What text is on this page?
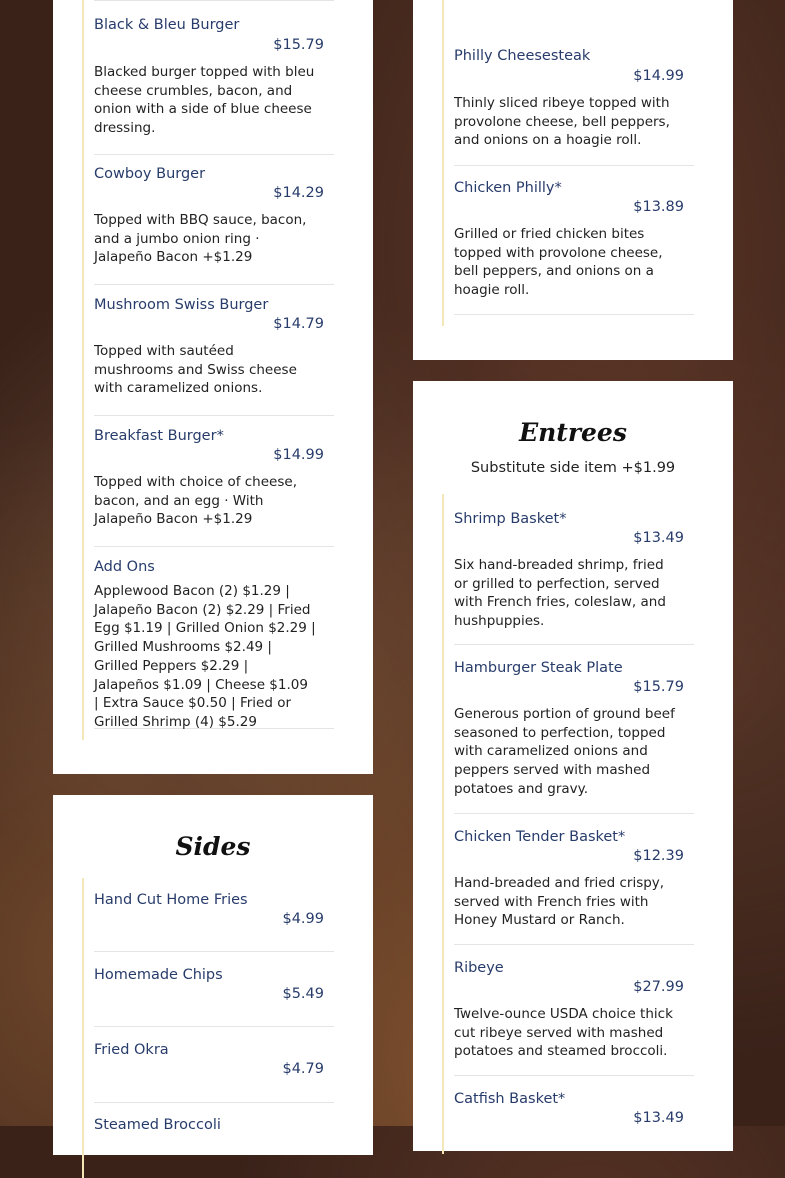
Black & Bleu Burger
$15.79
Blacked burger topped with bleu cheese crumbles, bacon, and onion with a side of blue cheese dressing.
Cowboy Burger
$14.29
Topped with BBQ sauce, bacon, and a jumbo onion ring · Jalapeño Bacon +$1.29
Mushroom Swiss Burger
$14.79
Topped with sautéed mushrooms and Swiss cheese with caramelized onions.
Breakfast Burger*
$14.99
Topped with choice of cheese, bacon, and an egg · With Jalapeño Bacon +$1.29
Add Ons
Applewood Bacon (2) $1.29 | Jalapeño Bacon (2) $2.29 | Fried Egg $1.19 | Grilled Onion $2.29 | Grilled Mushrooms $2.49 | Grilled Peppers $2.29 | Jalapeños $1.09 | Cheese $1.09 | Extra Sauce $0.50 | Fried or Grilled Shrimp (4) $5.29
Sides
Hand Cut Home Fries
$4.99
Homemade Chips
$5.49
Fried Okra
$4.79
Steamed Broccoli
Philly Cheesesteak
$14.99
Thinly sliced ribeye topped with provolone cheese, bell peppers, and onions on a hoagie roll.
Chicken Philly*
$13.89
Grilled or fried chicken bites topped with provolone cheese, bell peppers, and onions on a hoagie roll.
Entrees
Substitute side item +$1.99
Shrimp Basket*
$13.49
Six hand-breaded shrimp, fried or grilled to perfection, served with French fries, coleslaw, and hushpuppies.
Hamburger Steak Plate
$15.79
Generous portion of ground beef seasoned to perfection, topped with caramelized onions and peppers served with mashed potatoes and gravy.
Chicken Tender Basket*
$12.39
Hand-breaded and fried crispy, served with French fries with Honey Mustard or Ranch.
Ribeye
$27.99
Twelve-ounce USDA choice thick cut ribeye served with mashed potatoes and steamed broccoli.
Catfish Basket*
$13.49
